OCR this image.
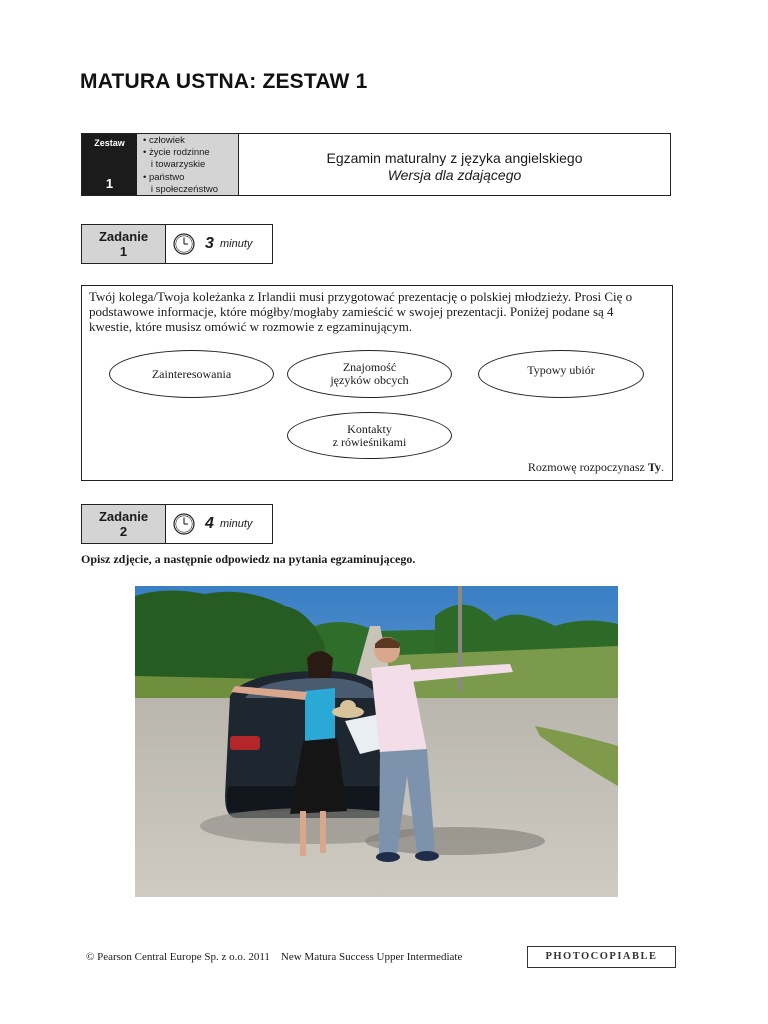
MATURA USTNA: ZESTAW 1
Zestaw
1
• człowiek
• życie rodzinne
i towarzyskie
• państwo
i społeczeństwo
Egzamin maturalny z języka angielskiego
Wersja dla zdającego
Zadanie
1	3 minuty

Twój kolega/Twoja koleżanka z Irlandii musi przygotować prezentację o polskiej młodzieży. Prosi Cię o podstawowe informacje, które mógłby/mogłaby zamieścić w swojej prezentacji. Poniżej podane są 4 kwestie, które musisz omówić w rozmowie z egzaminującym.

Zainteresowania	Znajomość
języków obcych
Typowy ubiór
Kontakty
z rówieśnikami
Rozmowę rozpoczynasz Ty.
Zadanie
2	4 minuty
Opisz zdjęcie, a następnie odpowiedz na pytania egzaminującego.
© Pearson Central Europe Sp. z o.o. 2011    New Matura Success Upper Intermediate	PHOTOCOPIABLE
